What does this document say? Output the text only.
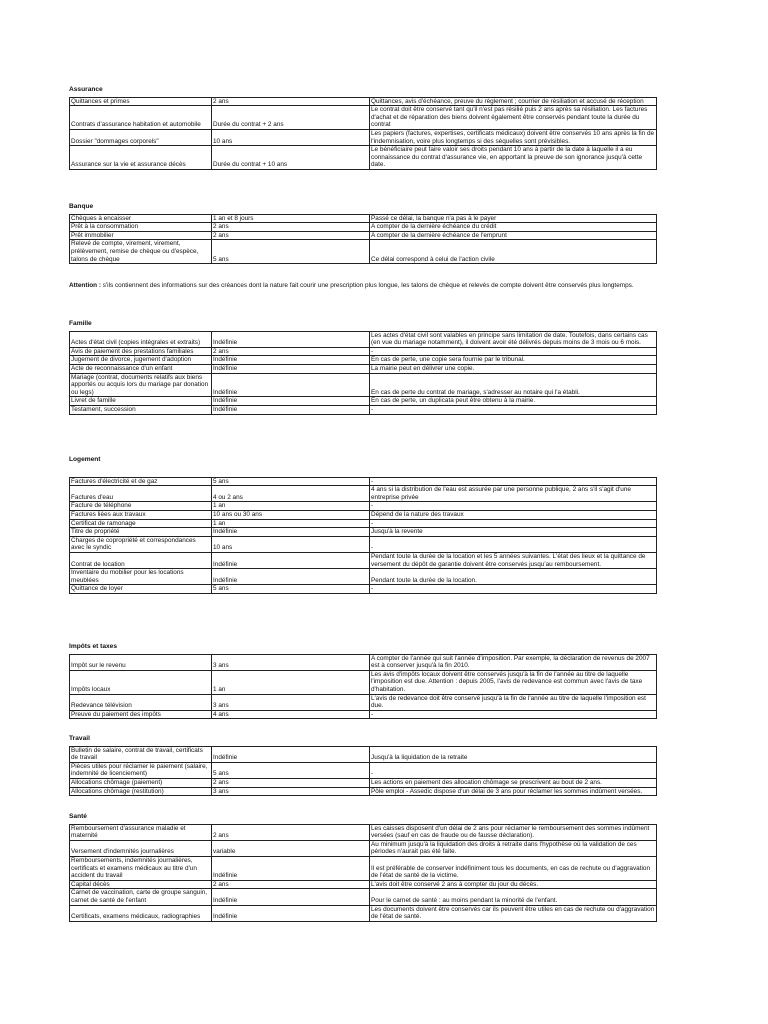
Assurance
Quittances et primes	2 ans	Quittances, avis d'échéance, preuve du règlement ; courrier de résiliation et accusé de réception
Contrats d'assurance habitation et automobile	Durée du contrat + 2 ans	Le contrat doit être conservé tant qu'il n'est pas résilié puis 2 ans après sa résiliation. Les factures d'achat et de réparation des biens doivent également être conservés pendant toute la durée du contrat
Dossier "dommages corporels"	10 ans	Les papiers (factures, expertises, certificats médicaux) doivent être conservés 10 ans après la fin de l'indemnisation, voire plus longtemps si des séquelles sont prévisibles.
Assurance sur la vie et assurance décès	Durée du contrat + 10 ans	Le bénéficiaire peut faire valoir ses droits pendant 10 ans à partir de la date à laquelle il a eu connaissance du contrat d'assurance vie, en apportant la preuve de son ignorance jusqu'à cette date.
Banque
Chèques à encaisser	1 an et 8 jours	Passé ce délai, la banque n'a pas à le payer
Prêt à la consommation	2 ans	A compter de la dernière échéance du crédit
Prêt immobilier	2 ans	A compter de la dernière échéance de l'emprunt
Relevé de compte, virement, virement, prélèvement, remise de chèque ou d'espèce, talons de chèque	5 ans	Ce délai correspond à celui de l'action civile
Attention : s'ils contiennent des informations sur des créances dont la nature fait courir une prescription plus longue, les talons de chèque et relevés de compte doivent être conservés plus longtemps.
Famille
Actes d'état civil (copies intégrales et extraits)	Indéfinie	Les actes d'état civil sont valables en principe sans limitation de date. Toutefois, dans certains cas (en vue du mariage notamment), il doivent avoir été délivrés depuis moins de 3 mois ou 6 mois.
Avis de paiement des prestations familiales	2 ans	-
Jugement de divorce, jugement d'adoption	Indéfinie	En cas de perte, une copie sera fournie par le tribunal.
Acte de reconnaissance d'un enfant	Indéfinie	La mairie peut en délivrer une copie.
Mariage (contrat, documents relatifs aux biens apportés ou acquis lors du mariage par donation ou legs)	Indéfinie	En cas de perte du contrat de mariage, s'adresser au notaire qui l'a établi.
Livret de famille	Indéfinie	En cas de perte, un duplicata peut être obtenu à la mairie.
Testament, succession	Indéfinie	-
Logement
Factures d'électricité et de gaz	5 ans	-
Factures d'eau	4 ou 2 ans	4 ans si la distribution de l'eau est assurée par une personne publique, 2 ans s'il s'agit d'une entreprise privée
Facture de téléphone	1 an	-
Factures liées aux travaux	10 ans ou 30 ans	Dépend de la nature des travaux
Certificat de ramonage	1 an	-
Titre de propriété	Indéfinie	Jusqu'à la revente
Charges de copropriété et correspondances avec le syndic	10 ans	-
Contrat de location	Indéfinie	Pendant toute la durée de la location et les 5 années suivantes. L'état des lieux et la quittance de versement du dépôt de garantie doivent être conservés jusqu'au remboursement.
Inventaire du mobilier pour les locations meublées	Indéfinie	Pendant toute la durée de la location.
Quittance de loyer	5 ans	-
Impôts et taxes
Impôt sur le revenu	3 ans	A compter de l'année qui suit l'année d'imposition. Par exemple, la déclaration de revenus de 2007 est à conserver jusqu'à la fin 2010.
Impôts locaux	1 an	Les avis d'impôts locaux doivent être conservés jusqu'à la fin de l'année au titre de laquelle l'imposition est due. Attention : depuis 2005, l'avis de redevance est commun avec l'avis de taxe d'habitation.
Redevance télévision	3 ans	L'avis de redevance doit être conservé jusqu'à la fin de l'année au titre de laquelle l'imposition est due.
Preuve du paiement des impôts	4 ans	-
Travail
Bulletin de salaire, contrat de travail, certificats de travail	Indéfinie	Jusqu'à la liquidation de la retraite
Pièces utiles pour réclamer le paiement (salaire, indemnité de licenciement)	5 ans	-
Allocations chômage (paiement)	2 ans	Les actions en paiement des allocation chômage se prescrivent au bout de 2 ans.
Allocations chômage (restitution)	3 ans	Pôle emploi - Assedic dispose d'un délai de 3 ans pour réclamer les sommes indûment versées.
Santé
Remboursement d'assurance maladie et maternité	2 ans	Les caisses disposent d'un délai de 2 ans pour réclamer le remboursement des sommes indûment versées (sauf en cas de fraude ou de fausse déclaration).
Versement d'indemnités journalières	variable	Au minimum jusqu'à la liquidation des droits à retraite dans l'hypothèse où la validation de ces périodes n'aurait pas été faite.
Remboursements, indemnités journalières, certificats et examens médicaux au titre d'un accident du travail	Indéfinie	Il est préférable de conserver indéfiniment tous les documents, en cas de rechute ou d'aggravation de l'état de santé de la victime.
Capital décès	2 ans	L'avis doit être conservé 2 ans à compter du jour du décès.
Carnet de vaccination, carte de groupe sanguin, carnet de santé de l'enfant	Indéfinie	Pour le carnet de santé : au moins pendant la minorité de l'enfant.
Certificats, examens médicaux, radiographies	Indéfinie	Les documents doivent être conservés car ils peuvent être utiles en cas de rechute ou d'aggravation de l'état de santé.
